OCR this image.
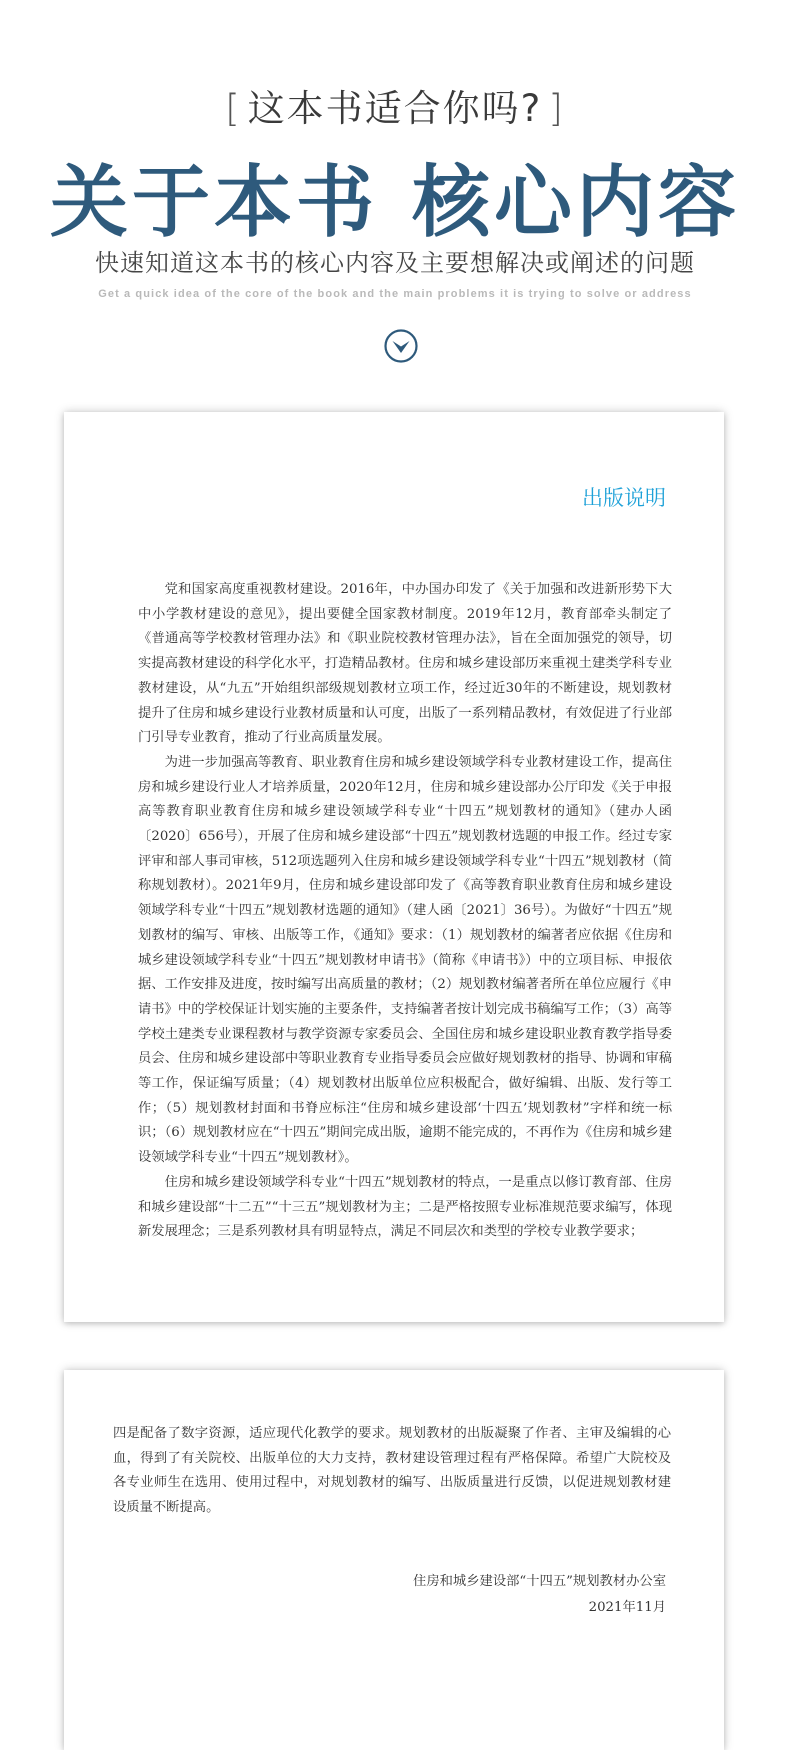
[ 这本书适合你吗? ]
关于本书 核心内容
快速知道这本书的核心内容及主要想解决或阐述的问题
Get a quick idea of the core of the book and the main problems it is trying to solve or address
出版说明

党和国家高度重视教材建设。2016年，中办国办印发了《关于加强和改进新形势下大中小学教材建设的意见》，提出要健全国家教材制度。2019年12月，教育部牵头制定了《普通高等学校教材管理办法》和《职业院校教材管理办法》，旨在全面加强党的领导，切实提高教材建设的科学化水平，打造精品教材。住房和城乡建设部历来重视土建类学科专业教材建设，从“九五”开始组织部级规划教材立项工作，经过近30年的不断建设，规划教材提升了住房和城乡建设行业教材质量和认可度，出版了一系列精品教材，有效促进了行业部门引导专业教育，推动了行业高质量发展。

为进一步加强高等教育、职业教育住房和城乡建设领域学科专业教材建设工作，提高住房和城乡建设行业人才培养质量，2020年12月，住房和城乡建设部办公厅印发《关于申报高等教育职业教育住房和城乡建设领域学科专业“十四五”规划教材的通知》（建办人函〔2020〕656号），开展了住房和城乡建设部“十四五”规划教材选题的申报工作。经过专家评审和部人事司审核，512项选题列入住房和城乡建设领域学科专业“十四五”规划教材（简称规划教材）。2021年9月，住房和城乡建设部印发了《高等教育职业教育住房和城乡建设领域学科专业“十四五”规划教材选题的通知》（建人函〔2021〕36号）。为做好“十四五”规划教材的编写、审核、出版等工作，《通知》要求：（1）规划教材的编著者应依据《住房和城乡建设领域学科专业“十四五”规划教材申请书》（简称《申请书》）中的立项目标、申报依据、工作安排及进度，按时编写出高质量的教材；（2）规划教材编著者所在单位应履行《申请书》中的学校保证计划实施的主要条件，支持编著者按计划完成书稿编写工作；（3）高等学校土建类专业课程教材与教学资源专家委员会、全国住房和城乡建设职业教育教学指导委员会、住房和城乡建设部中等职业教育专业指导委员会应做好规划教材的指导、协调和审稿等工作，保证编写质量；（4）规划教材出版单位应积极配合，做好编辑、出版、发行等工作；（5）规划教材封面和书脊应标注“住房和城乡建设部‘十四五’规划教材”字样和统一标识；（6）规划教材应在“十四五”期间完成出版，逾期不能完成的，不再作为《住房和城乡建设领域学科专业“十四五”规划教材》。

住房和城乡建设领域学科专业“十四五”规划教材的特点，一是重点以修订教育部、住房和城乡建设部“十二五”“十三五”规划教材为主；二是严格按照专业标准规范要求编写，体现新发展理念；三是系列教材具有明显特点，满足不同层次和类型的学校专业教学要求；

四是配备了数字资源，适应现代化教学的要求。规划教材的出版凝聚了作者、主审及编辑的心血，得到了有关院校、出版单位的大力支持，教材建设管理过程有严格保障。希望广大院校及各专业师生在选用、使用过程中，对规划教材的编写、出版质量进行反馈，以促进规划教材建设质量不断提高。

住房和城乡建设部“十四五”规划教材办公室
2021年11月
